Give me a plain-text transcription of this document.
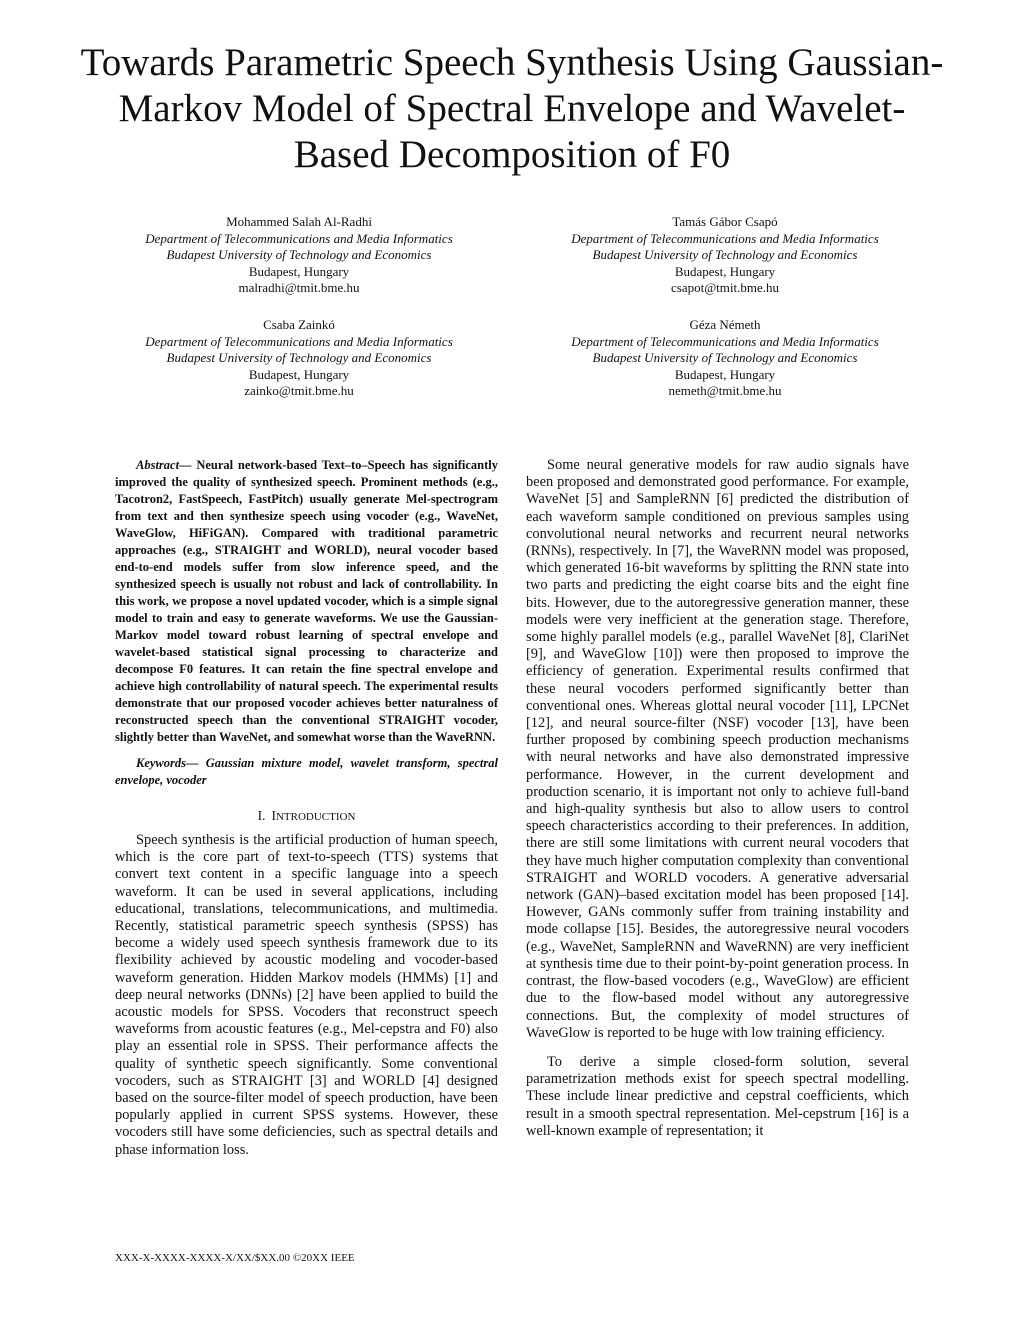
Towards Parametric Speech Synthesis Using Gaussian-Markov Model of Spectral Envelope and Wavelet-Based Decomposition of F0
Mohammed Salah Al-Radhi
Department of Telecommunications and Media Informatics
Budapest University of Technology and Economics
Budapest, Hungary
malradhi@tmit.bme.hu
Tamás Gábor Csapó
Department of Telecommunications and Media Informatics
Budapest University of Technology and Economics
Budapest, Hungary
csapot@tmit.bme.hu
Csaba Zainkó
Department of Telecommunications and Media Informatics
Budapest University of Technology and Economics
Budapest, Hungary
zainko@tmit.bme.hu
Géza Németh
Department of Telecommunications and Media Informatics
Budapest University of Technology and Economics
Budapest, Hungary
nemeth@tmit.bme.hu

Abstract— Neural network-based Text–to–Speech has significantly improved the quality of synthesized speech. Prominent methods (e.g., Tacotron2, FastSpeech, FastPitch) usually generate Mel-spectrogram from text and then synthesize speech using vocoder (e.g., WaveNet, WaveGlow, HiFiGAN). Compared with traditional parametric approaches (e.g., STRAIGHT and WORLD), neural vocoder based end-to-end models suffer from slow inference speed, and the synthesized speech is usually not robust and lack of controllability. In this work, we propose a novel updated vocoder, which is a simple signal model to train and easy to generate waveforms. We use the Gaussian-Markov model toward robust learning of spectral envelope and wavelet-based statistical signal processing to characterize and decompose F0 features. It can retain the fine spectral envelope and achieve high controllability of natural speech. The experimental results demonstrate that our proposed vocoder achieves better naturalness of reconstructed speech than the conventional STRAIGHT vocoder, slightly better than WaveNet, and somewhat worse than the WaveRNN.

Keywords— Gaussian mixture model, wavelet transform, spectral envelope, vocoder

I. INTRODUCTION

Speech synthesis is the artificial production of human speech, which is the core part of text-to-speech (TTS) systems that convert text content in a specific language into a speech waveform. It can be used in several applications, including educational, translations, telecommunications, and multimedia. Recently, statistical parametric speech synthesis (SPSS) has become a widely used speech synthesis framework due to its flexibility achieved by acoustic modeling and vocoder-based waveform generation. Hidden Markov models (HMMs) [1] and deep neural networks (DNNs) [2] have been applied to build the acoustic models for SPSS. Vocoders that reconstruct speech waveforms from acoustic features (e.g., Mel-cepstra and F0) also play an essential role in SPSS. Their performance affects the quality of synthetic speech significantly. Some conventional vocoders, such as STRAIGHT [3] and WORLD [4] designed based on the source-filter model of speech production, have been popularly applied in current SPSS systems. However, these vocoders still have some deficiencies, such as spectral details and phase information loss.

Some neural generative models for raw audio signals have been proposed and demonstrated good performance. For example, WaveNet [5] and SampleRNN [6] predicted the distribution of each waveform sample conditioned on previous samples using convolutional neural networks and recurrent neural networks (RNNs), respectively. In [7], the WaveRNN model was proposed, which generated 16-bit waveforms by splitting the RNN state into two parts and predicting the eight coarse bits and the eight fine bits. However, due to the autoregressive generation manner, these models were very inefficient at the generation stage. Therefore, some highly parallel models (e.g., parallel WaveNet [8], ClariNet [9], and WaveGlow [10]) were then proposed to improve the efficiency of generation. Experimental results confirmed that these neural vocoders performed significantly better than conventional ones. Whereas glottal neural vocoder [11], LPCNet [12], and neural source-filter (NSF) vocoder [13], have been further proposed by combining speech production mechanisms with neural networks and have also demonstrated impressive performance. However, in the current development and production scenario, it is important not only to achieve full-band and high-quality synthesis but also to allow users to control speech characteristics according to their preferences. In addition, there are still some limitations with current neural vocoders that they have much higher computation complexity than conventional STRAIGHT and WORLD vocoders. A generative adversarial network (GAN)–based excitation model has been proposed [14]. However, GANs commonly suffer from training instability and mode collapse [15]. Besides, the autoregressive neural vocoders (e.g., WaveNet, SampleRNN and WaveRNN) are very inefficient at synthesis time due to their point-by-point generation process. In contrast, the flow-based vocoders (e.g., WaveGlow) are efficient due to the flow-based model without any autoregressive connections. But, the complexity of model structures of WaveGlow is reported to be huge with low training efficiency.

To derive a simple closed-form solution, several parametrization methods exist for speech spectral modelling. These include linear predictive and cepstral coefficients, which result in a smooth spectral representation. Mel-cepstrum [16] is a well-known example of representation; it

XXX-X-XXXX-XXXX-X/XX/$XX.00 ©20XX IEEE
